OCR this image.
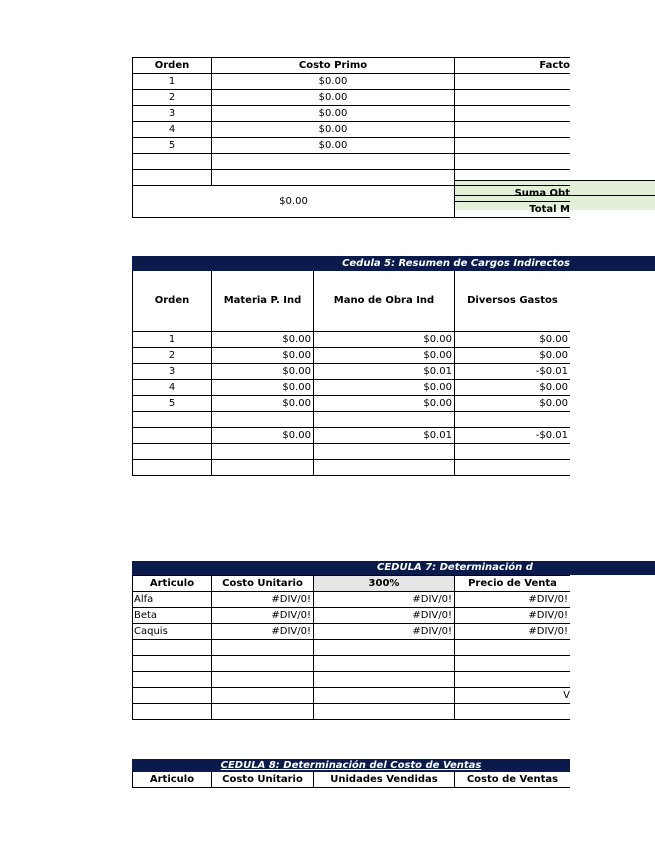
Orden	Costo Primo	Facto
1	$0.00	
2	$0.00	
3	$0.00	
4	$0.00	
5	$0.00	

$0.00		Suma Obt
		Total M
Cedula 5: Resumen de Cargos Indirectos
Orden	Materia P. Ind	Mano de Obra Ind	Diversos Gastos
1	$0.00	$0.00	$0.00
2	$0.00	$0.00	$0.00
3	$0.00	$0.01	-$0.01
4	$0.00	$0.00	$0.00
5	$0.00	$0.00	$0.00

	$0.00	$0.01	-$0.01

CEDULA 7: Determinación d
Articulo	Costo Unitario	300%	Precio de Venta
Alfa	#DIV/0!	#DIV/0!	#DIV/0!
Beta	#DIV/0!	#DIV/0!	#DIV/0!
Caquis	#DIV/0!	#DIV/0!	#DIV/0!

			V

CEDULA 8: Determinación del Costo de Ventas
Articulo	Costo Unitario	Unidades Vendidas	Costo de Ventas
